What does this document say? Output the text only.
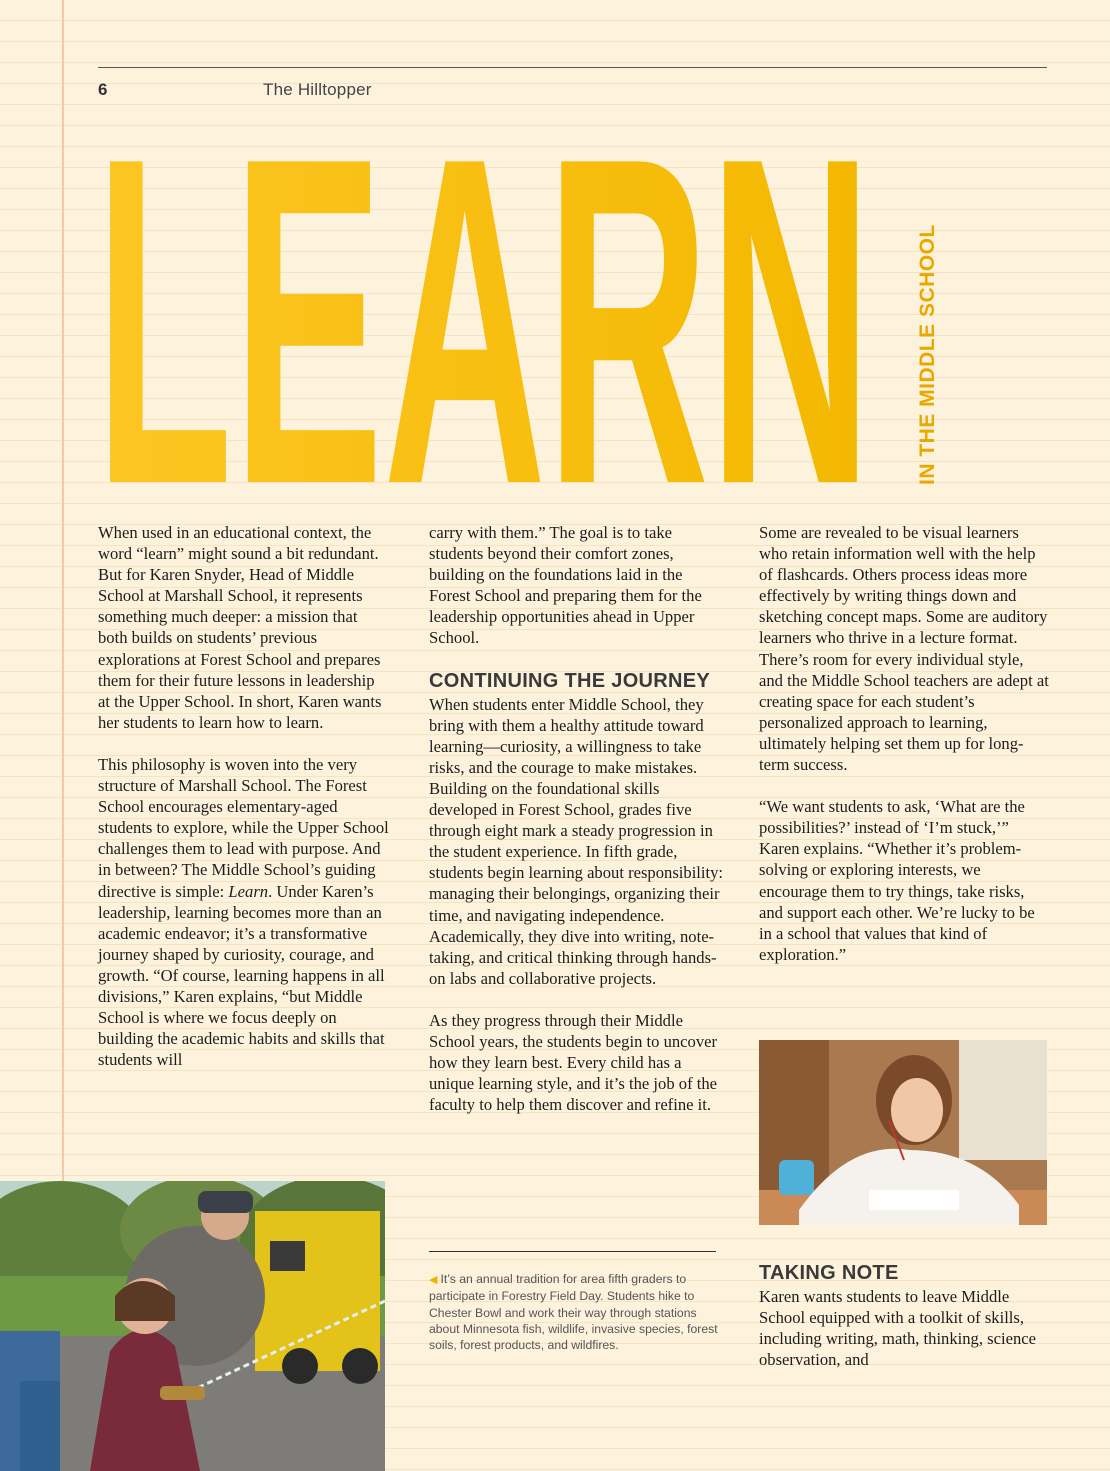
6	The Hilltopper
LEARN IN THE MIDDLE SCHOOL

When used in an educational context, the word “learn” might sound a bit redundant. But for Karen Snyder, Head of Middle School at Marshall School, it represents something much deeper: a mission that both builds on students’ previous explorations at Forest School and prepares them for their future lessons in leadership at the Upper School. In short, Karen wants her students to learn how to learn.

This philosophy is woven into the very structure of Marshall School. The Forest School encourages elementary-aged students to explore, while the Upper School challenges them to lead with purpose. And in between? The Middle School’s guiding directive is simple: Learn. Under Karen’s leadership, learning becomes more than an academic endeavor; it’s a transformative journey shaped by curiosity, courage, and growth. “Of course, learning happens in all divisions,” Karen explains, “but Middle School is where we focus deeply on building the academic habits and skills that students will

carry with them.” The goal is to take students beyond their comfort zones, building on the foundations laid in the Forest School and preparing them for the leadership opportunities ahead in Upper School.

CONTINUING THE JOURNEY

When students enter Middle School, they bring with them a healthy attitude toward learning—curiosity, a willingness to take risks, and the courage to make mistakes. Building on the foundational skills developed in Forest School, grades five through eight mark a steady progression in the student experience. In fifth grade, students begin learning about responsibility: managing their belongings, organizing their time, and navigating independence. Academically, they dive into writing, note-taking, and critical thinking through hands-on labs and collaborative projects.

As they progress through their Middle School years, the students begin to uncover how they learn best. Every child has a unique learning style, and it’s the job of the faculty to help them discover and refine it.

Some are revealed to be visual learners who retain information well with the help of flashcards. Others process ideas more effectively by writing things down and sketching concept maps. Some are auditory learners who thrive in a lecture format. There’s room for every individual style, and the Middle School teachers are adept at creating space for each student’s personalized approach to learning, ultimately helping set them up for long-term success.

“We want students to ask, ‘What are the possibilities?’ instead of ‘I’m stuck,’” Karen explains. “Whether it’s problem-solving or exploring interests, we encourage them to try things, take risks, and support each other. We’re lucky to be in a school that values that kind of exploration.”

◀ It’s an annual tradition for area fifth graders to participate in Forestry Field Day. Students hike to Chester Bowl and work their way through stations about Minnesota fish, wildlife, invasive species, forest soils, forest products, and wildfires.
TAKING NOTE

Karen wants students to leave Middle School equipped with a toolkit of skills, including writing, math, thinking, science observation, and
